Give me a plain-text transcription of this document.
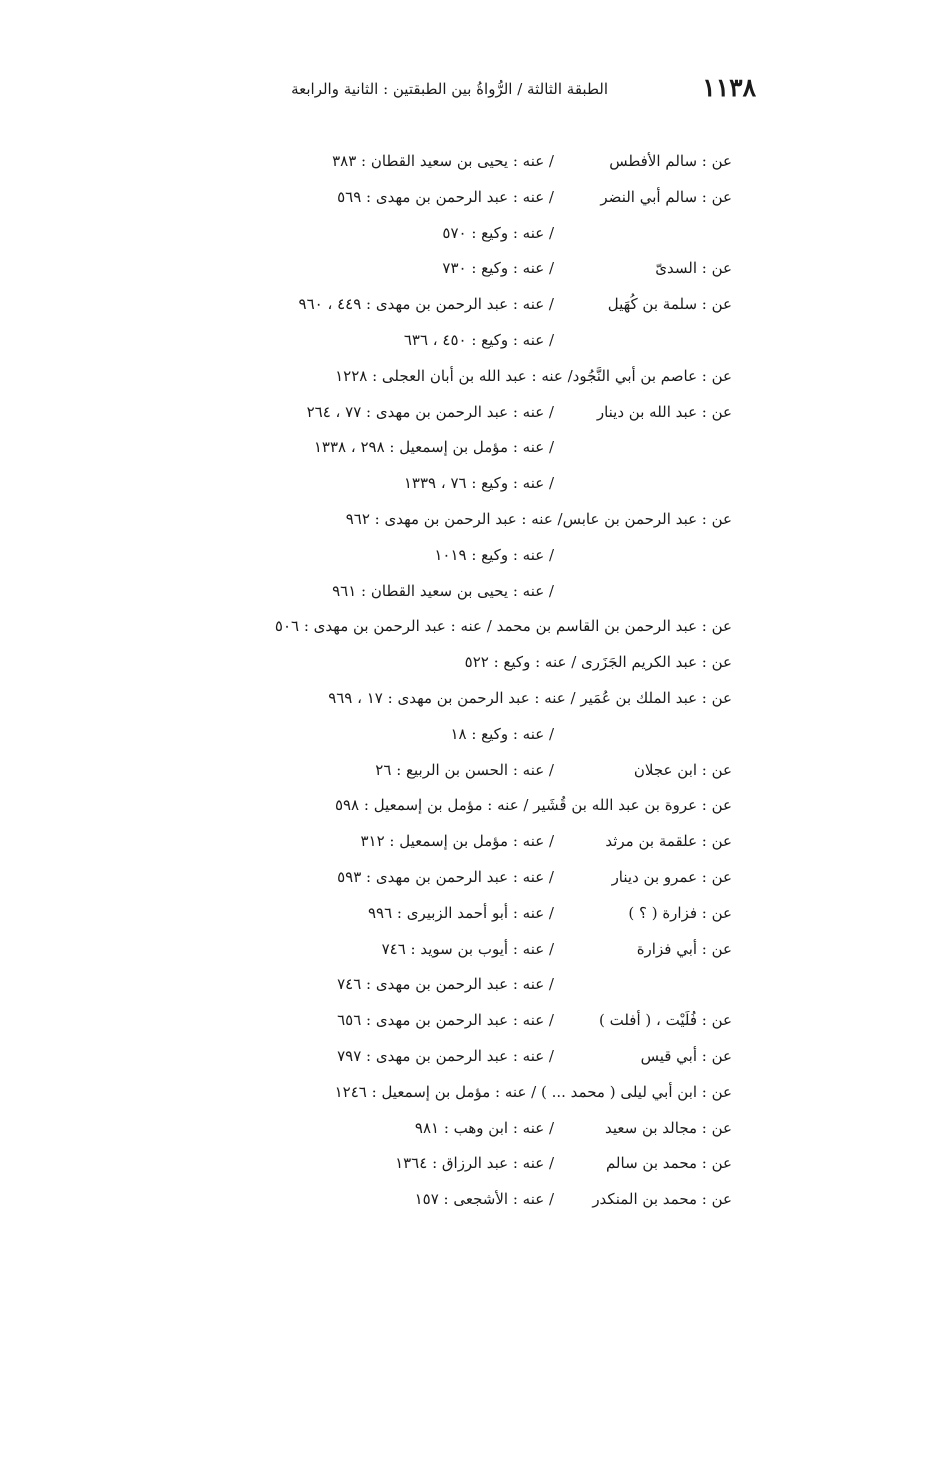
١١٣٨
الطبقة الثالثة / الرُّواةُ بين الطبقتين : الثانية والرابعة
عن : سالم الأفطس/ عنه : يحيى بن سعيد القطان : ٣٨٣
عن : سالم أبي النضر/ عنه : عبد الرحمن بن مهدى : ٥٦٩
/ عنه : وكيع : ٥٧٠
عن : السدىّ/ عنه : وكيع : ٧٣٠
عن : سلمة بن كُهَيل/ عنه : عبد الرحمن بن مهدى : ٤٤٩ ، ٩٦٠
/ عنه : وكيع : ٤٥٠ ، ٦٣٦
عن : عاصم بن أبي النَّجُود/ عنه : عبد الله بن أبان العجلى : ١٢٢٨
عن : عبد الله بن دينار/ عنه : عبد الرحمن بن مهدى : ٧٧ ، ٢٦٤
/ عنه : مؤمل بن إسمعيل : ٢٩٨ ، ١٣٣٨
/ عنه : وكيع : ٧٦ ، ١٣٣٩
عن : عبد الرحمن بن عابس/ عنه : عبد الرحمن بن مهدى : ٩٦٢
/ عنه : وكيع : ١٠١٩
/ عنه : يحيى بن سعيد القطان : ٩٦١
عن : عبد الرحمن بن القاسم بن محمد / عنه : عبد الرحمن بن مهدى : ٥٠٦
عن : عبد الكريم الجَزَرى / عنه : وكيع : ٥٢٢
عن : عبد الملك بن عُمَير / عنه : عبد الرحمن بن مهدى : ١٧ ، ٩٦٩
/ عنه : وكيع : ١٨
عن : ابن عجلان/ عنه : الحسن بن الربيع : ٢٦
عن : عروة بن عبد الله بن قُشَير / عنه : مؤمل بن إسمعيل : ٥٩٨
عن : علقمة بن مرثد/ عنه : مؤمل بن إسمعيل : ٣١٢
عن : عمرو بن دينار/ عنه : عبد الرحمن بن مهدى : ٥٩٣
عن : فزارة ( ؟ )/ عنه : أبو أحمد الزبيرى : ٩٩٦
عن : أبي فزارة/ عنه : أيوب بن سويد : ٧٤٦
/ عنه : عبد الرحمن بن مهدى : ٧٤٦
عن : فُلَيْت ، ( أفلت )/ عنه : عبد الرحمن بن مهدى : ٦٥٦
عن : أبي قيس/ عنه : عبد الرحمن بن مهدى : ٧٩٧
عن : ابن أبي ليلى ( محمد ... ) / عنه : مؤمل بن إسمعيل : ١٢٤٦
عن : مجالد بن سعيد/ عنه : ابن وهب : ٩٨١
عن : محمد بن سالم/ عنه : عبد الرزاق : ١٣٦٤
عن : محمد بن المنكدر/ عنه : الأشجعى : ١٥٧
